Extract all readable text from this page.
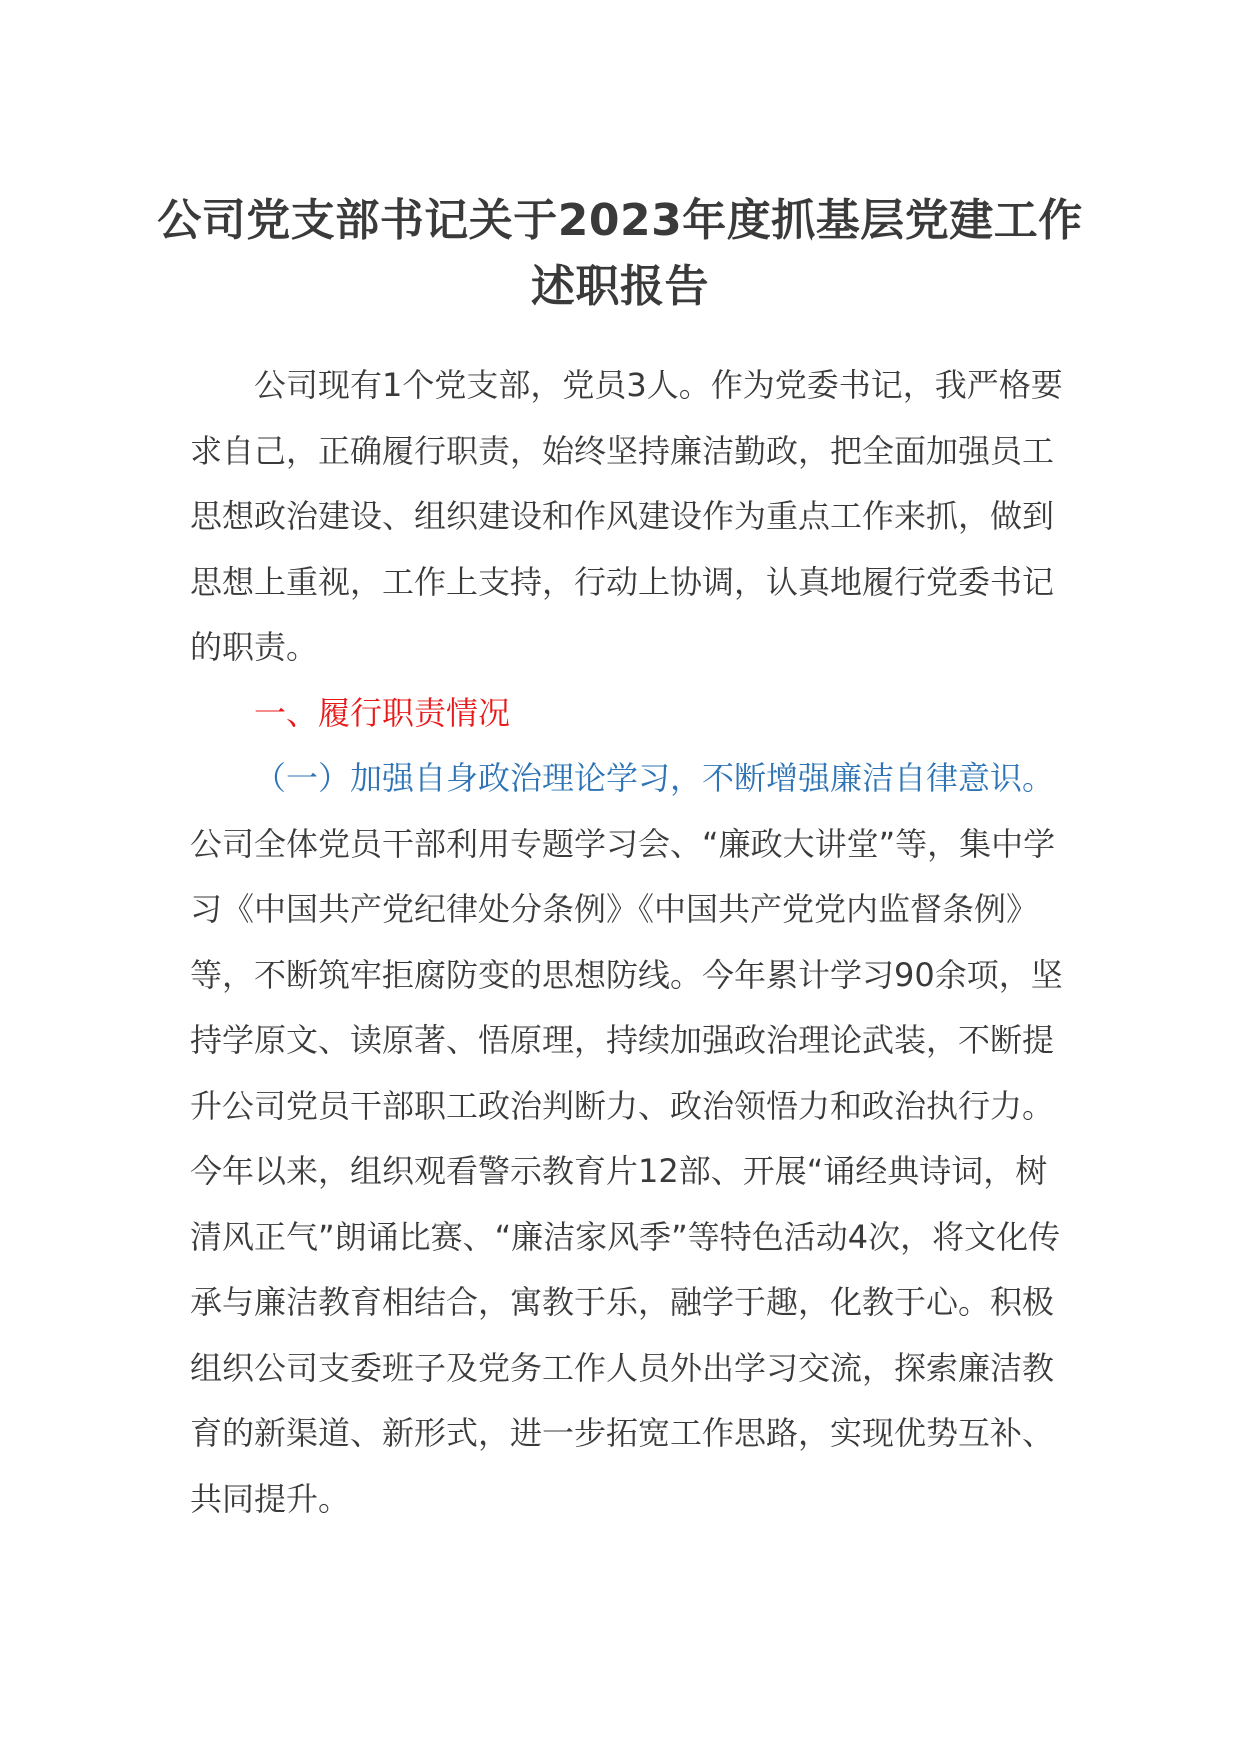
公司党支部书记关于2023年度抓基层党建工作述职报告

公司现有1个党支部，党员3人。作为党委书记，我严格要求自己，正确履行职责，始终坚持廉洁勤政，把全面加强员工思想政治建设、组织建设和作风建设作为重点工作来抓，做到思想上重视，工作上支持，行动上协调，认真地履行党委书记的职责。

一、履行职责情况

（一）加强自身政治理论学习，不断增强廉洁自律意识。

公司全体党员干部利用专题学习会、“廉政大讲堂”等，集中学习《中国共产党纪律处分条例》《中国共产党党内监督条例》等，不断筑牢拒腐防变的思想防线。今年累计学习90余项，坚持学原文、读原著、悟原理，持续加强政治理论武装，不断提升公司党员干部职工政治判断力、政治领悟力和政治执行力。今年以来，组织观看警示教育片12部、开展“诵经典诗词，树清风正气”朗诵比赛、“廉洁家风季”等特色活动4次，将文化传承与廉洁教育相结合，寓教于乐，融学于趣，化教于心。积极组织公司支委班子及党务工作人员外出学习交流，探索廉洁教育的新渠道、新形式，进一步拓宽工作思路，实现优势互补、共同提升。
